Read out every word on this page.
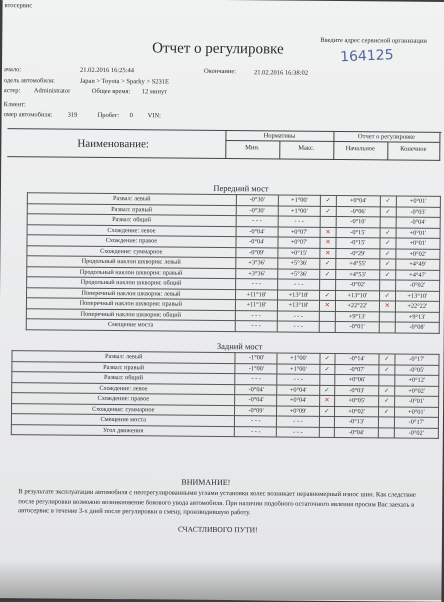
втосервис
Введите адрес сервисной организации
Отчет о регулировке	164125
ачало:	21.02.2016 16:25:44	Окончание:	21.02.2016 16:38:02
одель автомобиля:	Japan > Toyota > Sparky > S231E
астер: Administrator	Общее время: 12 минут
Клиент:
омер автомобиля: 319	Пробег: 0 VIN:
Наименование:
Нормативы	Отчет о регулировке
Мин.	Макс.	Начальное	Конечное
Передний мост
Развал: левый	-0°30'	+1°00'	✓	+0°04'	✓	+0°01'
Развал: правый	-0°30'	+1°00'	✓	-0°06'	✓	-0°03'
Развал: общий	- - -	- - -		-0°10'		-0°04'
Схождение: левое	-0°04'	+0°07'	✕	-0°15'	✓	+0°01'
Схождение: правое	-0°04'	+0°07'	✕	-0°15'	✓	+0°01'
Схождение: суммарное	-0°09'	+0°15'	✕	-0°29'	✓	+0°02'
Продольный наклон шкворня: левый	+3°36'	+5°36'	✓	+4°55'	✓	+4°49'
Продольный наклон шкворня: правый	+3°36'	+5°36'	✓	+4°53'	✓	+4°47'
Продольный наклон шкворня: общий	- - -	- - -		-0°02'		-0°02'
Поперечный наклон шкворня: левый	+11°18'	+13°18'	✓	+13°10'	✓	+13°10'
Поперечный наклон шкворня: правый	+11°18'	+13°18'	✕	+22°22'	✕	+22°22'
Поперечный наклон шкворня: общий	- - -	- - -		+9°13'		+9°13'
Смещение моста	- - -	- - -		-0°01'		-0°08'
Задний мост
Развал: левый	-1°00'	+1°00'	✓	-0°14'	✓	-0°17'
Развал: правый	-1°00'	+1°00'	✓	-0°07'	✓	-0°05'
Развал: общий	- - -	- - -		+0°06'		+0°12'
Схождение: левое	-0°04'	+0°04'	✓	-0°03'	✓	+0°02'
Схождение: правое	-0°04'	+0°04'	✕	+0°05'	✓	-0°01'
Схождение: суммарное	-0°09'	+0°09'	✓	+0°02'	✓	+0°01'
Смещение моста	- - -	- - -		-0°13'		-0°17'
Угол движения	- - -	- - -		-0°04'		-0°02'
ВНИМАНИЕ!
В результате эксплуатации автомобиля с неотрегулированными углами установки колес возникает неравномерный износ шин. Как следствие после регулировки возможно возникновение бокового увода автомобиля. При наличии подобного остаточного явления просим Вас заехать в автосервис в течение 3-х дней после регулировки в смену, производившую работу.
СЧАСТЛИВОГО ПУТИ!
